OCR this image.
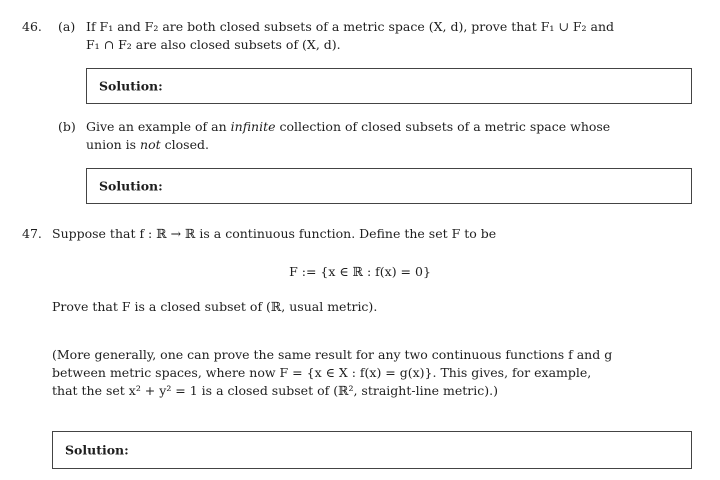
46. (a) If F₁ and F₂ are both closed subsets of a metric space (X, d), prove that F₁ ∪ F₂ and
F₁ ∩ F₂ are also closed subsets of (X, d).
Solution:
(b) Give an example of an infinite collection of closed subsets of a metric space whose
union is not closed.
Solution:
47. Suppose that f : ℝ → ℝ is a continuous function. Define the set F to be
F := {x ∈ ℝ : f(x) = 0}
Prove that F is a closed subset of (ℝ, usual metric).
(More generally, one can prove the same result for any two continuous functions f and g
between metric spaces, where now F = {x ∈ X : f(x) = g(x)}. This gives, for example,
that the set x² + y² = 1 is a closed subset of (ℝ², straight-line metric).)
Solution:
